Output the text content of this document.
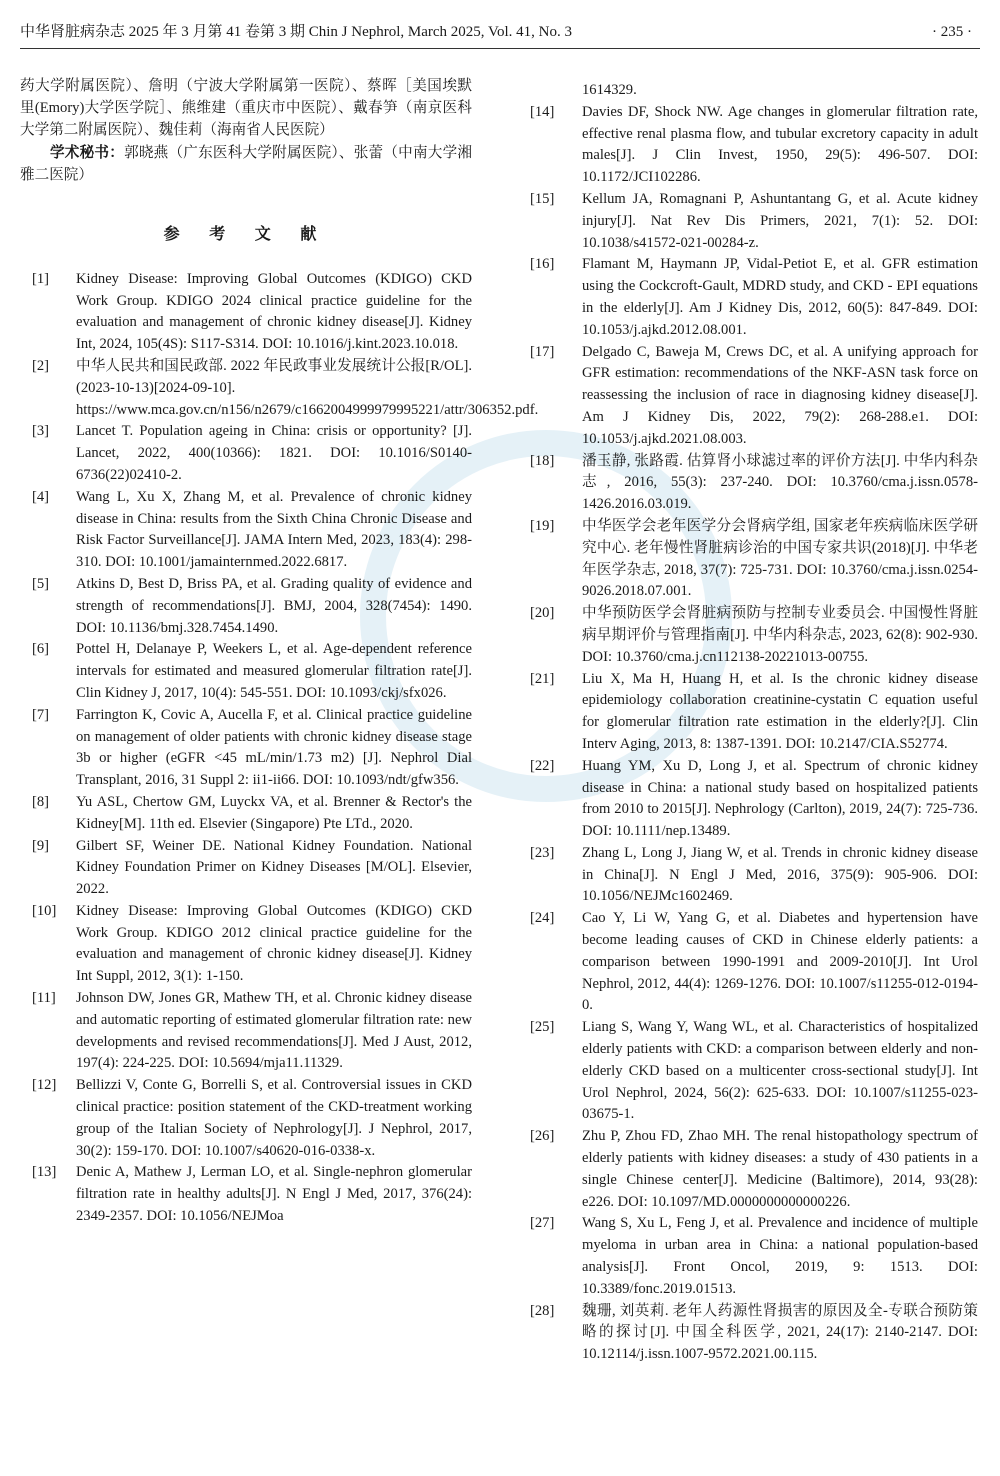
中华肾脏病杂志 2025 年 3 月第 41 卷第 3 期 Chin J Nephrol, March 2025, Vol. 41, No. 3	· 235 ·

药大学附属医院）、詹明（宁波大学附属第一医院）、蔡晖［美国埃默里(Emory)大学医学院］、熊维建（重庆市中医院）、戴春笋（南京医科大学第二附属医院）、魏佳莉（海南省人民医院）

学术秘书：郭晓燕（广东医科大学附属医院）、张蕾（中南大学湘雅二医院）

参 考 文 献

[1]	Kidney Disease: Improving Global Outcomes (KDIGO) CKD Work Group. KDIGO 2024 clinical practice guideline for the evaluation and management of chronic kidney disease[J]. Kidney Int, 2024, 105(4S): S117-S314. DOI: 10.1016/j.kint.2023.10.018.

[2]	中华人民共和国民政部. 2022 年民政事业发展统计公报[R/OL].(2023-10-13)[2024-09-10]. https://www.mca.gov.cn/n156/n2679/c1662004999979995221/attr/306352.pdf.

[3]	Lancet T. Population ageing in China: crisis or opportunity? [J]. Lancet, 2022, 400(10366): 1821. DOI: 10.1016/S0140-6736(22)02410-2.

[4]	Wang L, Xu X, Zhang M, et al. Prevalence of chronic kidney disease in China: results from the Sixth China Chronic Disease and Risk Factor Surveillance[J]. JAMA Intern Med, 2023, 183(4): 298-310. DOI: 10.1001/jamainternmed.2022.6817.

[5]	Atkins D, Best D, Briss PA, et al. Grading quality of evidence and strength of recommendations[J]. BMJ, 2004, 328(7454): 1490. DOI: 10.1136/bmj.328.7454.1490.

[6]	Pottel H, Delanaye P, Weekers L, et al. Age-dependent reference intervals for estimated and measured glomerular filtration rate[J]. Clin Kidney J, 2017, 10(4): 545-551. DOI: 10.1093/ckj/sfx026.

[7]	Farrington K, Covic A, Aucella F, et al. Clinical practice guideline on management of older patients with chronic kidney disease stage 3b or higher (eGFR <45 mL/min/1.73 m2) [J]. Nephrol Dial Transplant, 2016, 31 Suppl 2: ii1-ii66. DOI: 10.1093/ndt/gfw356.

[8]	Yu ASL, Chertow GM, Luyckx VA, et al. Brenner & Rector's the Kidney[M]. 11th ed. Elsevier (Singapore) Pte LTd., 2020.

[9]	Gilbert SF, Weiner DE. National Kidney Foundation. National Kidney Foundation Primer on Kidney Diseases [M/OL]. Elsevier, 2022.

[10]	Kidney Disease: Improving Global Outcomes (KDIGO) CKD Work Group. KDIGO 2012 clinical practice guideline for the evaluation and management of chronic kidney disease[J]. Kidney Int Suppl, 2012, 3(1): 1-150.

[11]	Johnson DW, Jones GR, Mathew TH, et al. Chronic kidney disease and automatic reporting of estimated glomerular filtration rate: new developments and revised recommendations[J]. Med J Aust, 2012, 197(4): 224-225. DOI: 10.5694/mja11.11329.

[12]	Bellizzi V, Conte G, Borrelli S, et al. Controversial issues in CKD clinical practice: position statement of the CKD-treatment working group of the Italian Society of Nephrology[J]. J Nephrol, 2017, 30(2): 159-170. DOI: 10.1007/s40620-016-0338-x.

[13]	Denic A, Mathew J, Lerman LO, et al. Single-nephron glomerular filtration rate in healthy adults[J]. N Engl J Med, 2017, 376(24): 2349-2357. DOI: 10.1056/NEJMoa

1614329.

[14]	Davies DF, Shock NW. Age changes in glomerular filtration rate, effective renal plasma flow, and tubular excretory capacity in adult males[J]. J Clin Invest, 1950, 29(5): 496-507. DOI: 10.1172/JCI102286.

[15]	Kellum JA, Romagnani P, Ashuntantang G, et al. Acute kidney injury[J]. Nat Rev Dis Primers, 2021, 7(1): 52. DOI: 10.1038/s41572-021-00284-z.

[16]	Flamant M, Haymann JP, Vidal-Petiot E, et al. GFR estimation using the Cockcroft-Gault, MDRD study, and CKD - EPI equations in the elderly[J]. Am J Kidney Dis, 2012, 60(5): 847-849. DOI: 10.1053/j.ajkd.2012.08.001.

[17]	Delgado C, Baweja M, Crews DC, et al. A unifying approach for GFR estimation: recommendations of the NKF-ASN task force on reassessing the inclusion of race in diagnosing kidney disease[J]. Am J Kidney Dis, 2022, 79(2): 268-288.e1. DOI: 10.1053/j.ajkd.2021.08.003.

[18]	潘玉静, 张路霞. 估算肾小球滤过率的评价方法[J]. 中华内科杂志, 2016, 55(3): 237-240. DOI: 10.3760/cma.j.issn.0578-1426.2016.03.019.

[19]	中华医学会老年医学分会肾病学组, 国家老年疾病临床医学研究中心. 老年慢性肾脏病诊治的中国专家共识(2018)[J]. 中华老年医学杂志, 2018, 37(7): 725-731. DOI: 10.3760/cma.j.issn.0254-9026.2018.07.001.

[20]	中华预防医学会肾脏病预防与控制专业委员会. 中国慢性肾脏病早期评价与管理指南[J]. 中华内科杂志, 2023, 62(8): 902-930. DOI: 10.3760/cma.j.cn112138-20221013-00755.

[21]	Liu X, Ma H, Huang H, et al. Is the chronic kidney disease epidemiology collaboration creatinine-cystatin C equation useful for glomerular filtration rate estimation in the elderly?[J]. Clin Interv Aging, 2013, 8: 1387-1391. DOI: 10.2147/CIA.S52774.

[22]	Huang YM, Xu D, Long J, et al. Spectrum of chronic kidney disease in China: a national study based on hospitalized patients from 2010 to 2015[J]. Nephrology (Carlton), 2019, 24(7): 725-736. DOI: 10.1111/nep.13489.

[23]	Zhang L, Long J, Jiang W, et al. Trends in chronic kidney disease in China[J]. N Engl J Med, 2016, 375(9): 905-906. DOI: 10.1056/NEJMc1602469.

[24]	Cao Y, Li W, Yang G, et al. Diabetes and hypertension have become leading causes of CKD in Chinese elderly patients: a comparison between 1990-1991 and 2009-2010[J]. Int Urol Nephrol, 2012, 44(4): 1269-1276. DOI: 10.1007/s11255-012-0194-0.

[25]	Liang S, Wang Y, Wang WL, et al. Characteristics of hospitalized elderly patients with CKD: a comparison between elderly and non-elderly CKD based on a multicenter cross-sectional study[J]. Int Urol Nephrol, 2024, 56(2): 625-633. DOI: 10.1007/s11255-023-03675-1.

[26]	Zhu P, Zhou FD, Zhao MH. The renal histopathology spectrum of elderly patients with kidney diseases: a study of 430 patients in a single Chinese center[J]. Medicine (Baltimore), 2014, 93(28): e226. DOI: 10.1097/MD.0000000000000226.

[27]	Wang S, Xu L, Feng J, et al. Prevalence and incidence of multiple myeloma in urban area in China: a national population-based analysis[J]. Front Oncol, 2019, 9: 1513. DOI: 10.3389/fonc.2019.01513.

[28]	魏珊, 刘英莉. 老年人药源性肾损害的原因及全-专联合预防策略的探讨[J]. 中国全科医学, 2021, 24(17): 2140-2147. DOI: 10.12114/j.issn.1007-9572.2021.00.115.
